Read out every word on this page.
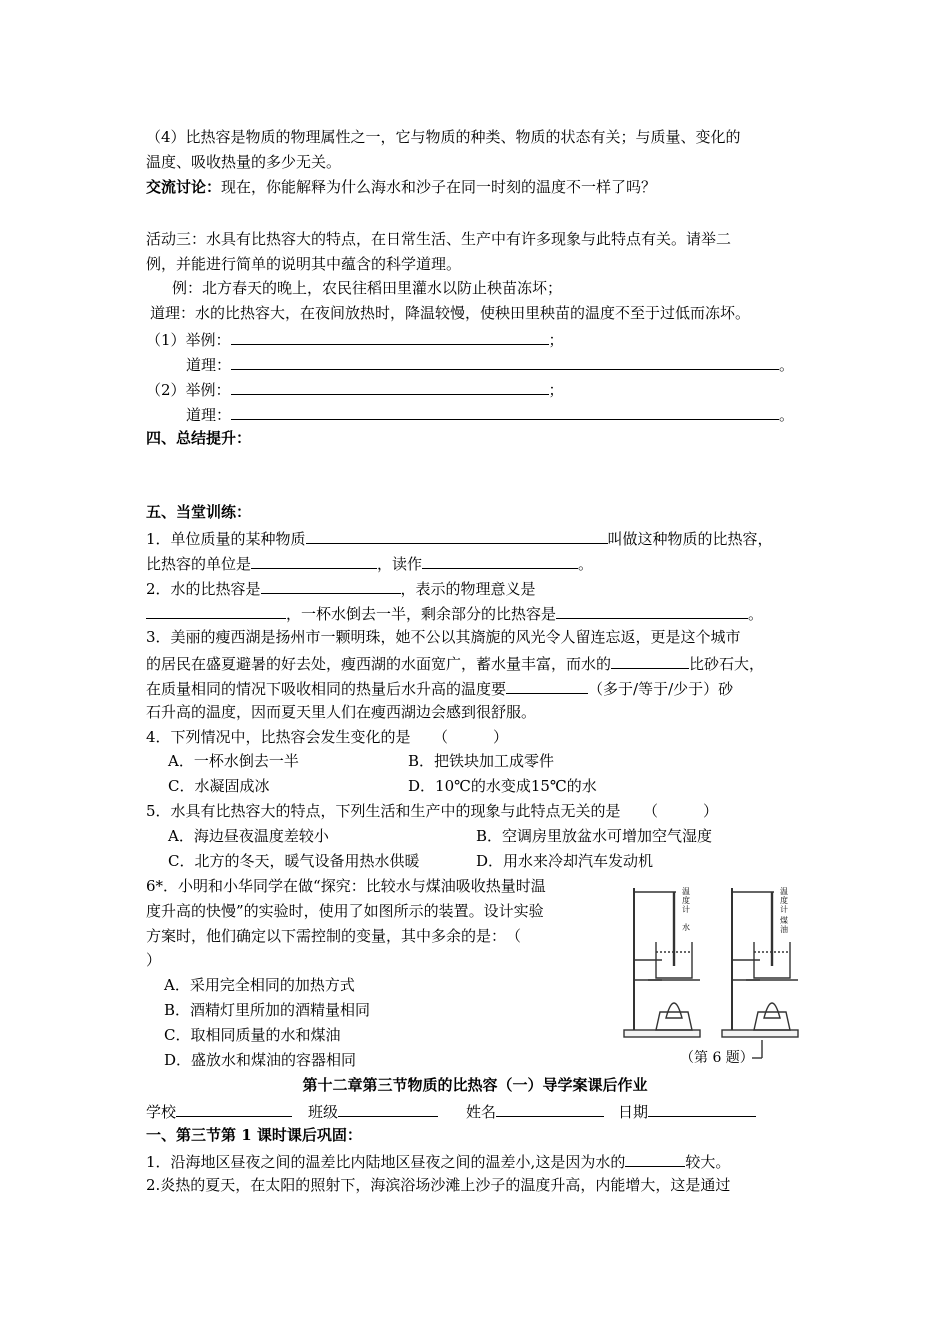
（4）比热容是物质的物理属性之一，它与物质的种类、物质的状态有关；与质量、变化的
温度、吸收热量的多少无关。
交流讨论：现在，你能解释为什么海水和沙子在同一时刻的温度不一样了吗？
活动三：水具有比热容大的特点，在日常生活、生产中有许多现象与此特点有关。请举二
例，并能进行简单的说明其中蕴含的科学道理。
例：北方春天的晚上，农民往稻田里灌水以防止秧苗冻坏；
道理：水的比热容大，在夜间放热时，降温较慢，使秧田里秧苗的温度不至于过低而冻坏。
（1）举例：	；
道理：	。
（2）举例：	；
道理：	。
四、总结提升：
五、当堂训练：
1．单位质量的某种物质	叫做这种物质的比热容，
比热容的单位是	，读作	。
2．水的比热容是	，表示的物理意义是
，一杯水倒去一半，剩余部分的比热容是	。
3．美丽的瘦西湖是扬州市一颗明珠，她不公以其旖旎的风光令人留连忘返，更是这个城市
的居民在盛夏避暑的好去处，瘦西湖的水面宽广，蓄水量丰富，而水的	比砂石大，
在质量相同的情况下吸收相同的热量后水升高的温度要	（多于/等于/少于）砂
石升高的温度，因而夏天里人们在瘦西湖边会感到很舒服。
4．下列情况中，比热容会发生变化的是　　（　　　）
A．一杯水倒去一半	B．把铁块加工成零件
C．水凝固成冰	D．10℃的水变成15℃的水
5．水具有比热容大的特点，下列生活和生产中的现象与此特点无关的是　　（　　　）
A．海边昼夜温度差较小	B．空调房里放盆水可增加空气湿度
C．北方的冬天，暖气设备用热水供暖	D．用水来冷却汽车发动机
6*．小明和小华同学在做“探究：比较水与煤油吸收热量时温
度升高的快慢”的实验时，使用了如图所示的装置。设计实验
方案时，他们确定以下需控制的变量，其中多余的是：　（
）
A．采用完全相同的加热方式
B．酒精灯里所加的酒精量相同
C．取相同质量的水和煤油
D．盛放水和煤油的容器相同
温
度
计
水
温
度
计
煤
油
（第 6 题）
第十二章第三节物质的比热容（一）导学案课后作业
学校	班级	姓名	日期
一、第三节第 1 课时课后巩固：
1．沿海地区昼夜之间的温差比内陆地区昼夜之间的温差小,这是因为水的	较大。
2.炎热的夏天，在太阳的照射下，海滨浴场沙滩上沙子的温度升高，内能增大，这是通过
